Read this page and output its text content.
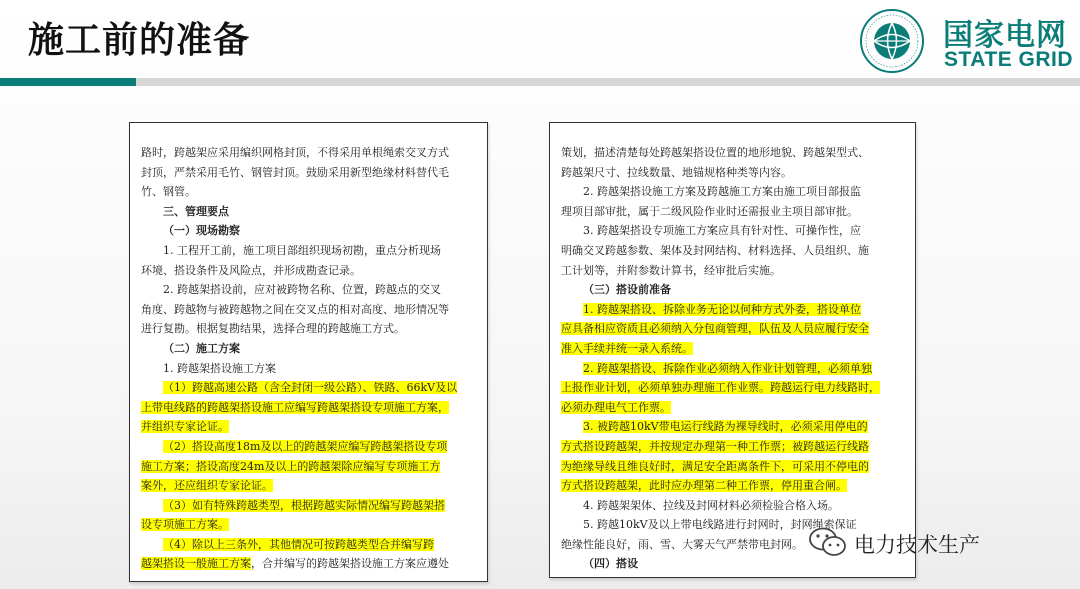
施工前的准备	国家电网
STATE GRID
路时，跨越架应采用编织网格封顶，不得采用单根绳索交叉方式
封顶，严禁采用毛竹、钢管封顶。鼓励采用新型绝缘材料替代毛
竹、钢管。
三、管理要点
（一）现场勘察
1. 工程开工前，施工项目部组织现场初勘，重点分析现场
环境、搭设条件及风险点，并形成勘查记录。
2. 跨越架搭设前，应对被跨物名称、位置，跨越点的交叉
角度、跨越物与被跨越物之间在交叉点的相对高度、地形情况等
进行复勘。根据复勘结果，选择合理的跨越施工方式。
（二）施工方案
1. 跨越架搭设施工方案
（1）跨越高速公路（含全封闭一级公路）、铁路、66kV及以
上带电线路的跨越架搭设施工应编写跨越架搭设专项施工方案，
并组织专家论证。
（2）搭设高度18m及以上的跨越架应编写跨越架搭设专项
施工方案；搭设高度24m及以上的跨越架除应编写专项施工方
案外，还应组织专家论证。
（3）如有特殊跨越类型，根据跨越实际情况编写跨越架搭
设专项施工方案。
（4）除以上三条外，其他情况可按跨越类型合并编写跨
越架搭设一般施工方案，合并编写的跨越架搭设施工方案应遵处
策划，描述清楚每处跨越架搭设位置的地形地貌、跨越架型式、
跨越架尺寸、拉线数量、地锚规格种类等内容。
2. 跨越架搭设施工方案及跨越施工方案由施工项目部报监
理项目部审批，属于二级风险作业时还需报业主项目部审批。
3. 跨越架搭设专项施工方案应具有针对性、可操作性，应
明确交叉跨越参数、架体及封网结构、材料选择、人员组织、施
工计划等，并附参数计算书，经审批后实施。
（三）搭设前准备
1. 跨越架搭设、拆除业务无论以何种方式外委，搭设单位
应具备相应资质且必须纳入分包商管理，队伍及人员应履行安全
准入手续并统一录入系统。
2. 跨越架搭设、拆除作业必须纳入作业计划管理，必须单独
上报作业计划，必须单独办理施工作业票。跨越运行电力线路时，
必须办理电气工作票。
3. 被跨越10kV带电运行线路为裸导线时，必须采用停电的
方式搭设跨越架，并按规定办理第一种工作票；被跨越运行线路
为绝缘导线且维良好时，满足安全距离条件下，可采用不停电的
方式搭设跨越架，此时应办理第二种工作票，停用重合闸。
4. 跨越架架体、拉线及封网材料必须检验合格入场。
5. 跨越10kV及以上带电线路进行封网时，封网绳索保证
绝缘性能良好，雨、雪、大雾天气严禁带电封网。
（四）搭设
电力技术生产
